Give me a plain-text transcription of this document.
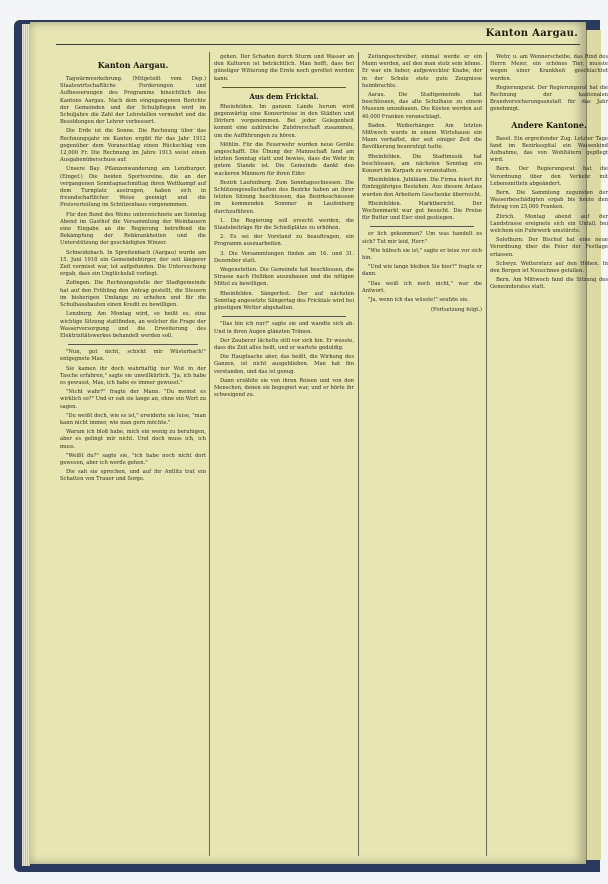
Kanton Aargau.
Kanton Aargau.

Tagwärmverkehrung. (Mitgeteilt vom Dep.) Staatswirtschaftliche Forderungen und Aufbesserungen des Programms hinsichtlich des Kantons Aargau. Nach dem eingegangenen Berichte der Gemeinden und der Schulpflegen wird im Schuljahre die Zahl der Lehrstellen vermehrt und die Besoldungen der Lehrer verbessert.

Die Erde ist die Sonne. Die Rechnung über das Rechnungsjahr im Kanton ergibt für das Jahr 1912 gegenüber dem Voranschlag einen Rückschlag von 12,000 Fr. Die Rechnung im Jahre 1913 weist einen Ausgabenüberschuss auf.

Unsere Bay. Pflanzenwanderung am Lenzburger. (Eingef.) Die beiden Sportvereine, die an der vergangenen Sonntagnachmittag ihren Wettkampf auf dem Turnplatz austrugen, haben sich in freundschaftlicher Weise geeinigt und die Preisverteilung im Schützenhaus vorgenommen.

Für den Bund des Weins unterzeichnete am Sonntag Abend im Gasthof die Versammlung der Weinbauern eine Eingabe an die Regierung betreffend die Bekämpfung der Rebkrankheiten und die Unterstützung der geschädigten Winzer.

Schneidebach. In Spreitenbach (Aargau) wurde am 15. Juni 1918 ein Gemeindebürger, der seit längerer Zeit vermisst war, tot aufgefunden. Die Untersuchung ergab, dass ein Unglücksfall vorliegt.

Zofingen. Die Rechnungsstelle der Stadtgemeinde hat auf den Frühling den Antrag gestellt, die Steuern im bisherigen Umfange zu erheben und für die Schulhausbauten einen Kredit zu bewilligen.

Lenzburg. Am Montag wird, so heißt es, eine wichtige Sitzung stattfinden, an welcher die Frage der Wasserversorgung und die Erweiterung des Elektrizitätswerkes behandelt werden soll.

"Nun, gut nicht, schickt mir Wüsterbach!" entgegnete Max.

Sie kamen ihr doch wahrhaftig nur Wut in der Tasche erfahren," sagte sie unwillkürlich. "Ja, ich habe es gewusst, Max, ich habe es immer gewusst."

"Nicht wahr?" fragte der Mann. "Du meinst es wirklich so?" Und er sah sie lange an, ohne ein Wort zu sagen.

"Du weißt doch, wie es ist," erwiderte sie leise, "man kann nicht immer, wie man gern möchte."

Warum ich bloß habe, mich ein wenig zu beruhigen, aber es gelingt mir nicht. Und doch muss ich, ich muss.

"Weißt du?" sagte sie, "ich habe noch nicht dort gewesen, aber ich werde gehen."

Die sah sie sprechen, und auf ihr Antlitz trat ein Schatten von Trauer und Sorge.

gehen. Der Schaden durch Sturm und Wasser an den Kulturen ist beträchtlich. Man hofft, dass bei günstiger Witterung die Ernte noch gerettet werden kann.

Aus dem Fricktal.

Rheinfelden. Im ganzen Lande herum wird gegenwärtig eine Konzertreise in den Städten und Dörfern vorgenommen. Bei jeder Gelegenheit kommt eine zahlreiche Zuhörerschaft zusammen, um die Aufführungen zu hören.

Möhlin. Für die Feuerwehr wurden neue Geräte angeschafft. Die Übung der Mannschaft fand am letzten Sonntag statt und bewies, dass die Wehr in gutem Stande ist. Die Gemeinde dankt den wackeren Männern für ihren Eifer.

Bezirk Laufenburg. Zum Sonntagsschiessen. Die Schützengesellschaften des Bezirks haben an ihrer letzten Sitzung beschlossen, das Bezirksschiessen im kommenden Sommer in Laufenburg durchzuführen.

1. Die Regierung soll ersucht werden, die Staatsbeiträge für die Schießplätze zu erhöhen.

2. Es sei der Vorstand zu beauftragen, ein Programm auszuarbeiten.

3. Die Versammlungen finden am 16. und 31. Dezember statt.

Wegenstetten. Die Gemeinde hat beschlossen, die Strasse nach Hellikon auszubauen und die nötigen Mittel zu bewilligen.

Rheinfelden. Sängerfest. Der auf nächsten Sonntag angesetzte Sängertag des Fricktals wird bei günstigem Wetter abgehalten.

"Das bin ich nur!" sagte sie und wandte sich ab. Und in ihren Augen glänzten Tränen.

Der Zauberer lächelte still vor sich hin. Er wusste, dass die Zeit alles heilt, und er wartete geduldig.

Die Hauptsache aber, das heißt, die Wirkung des Ganzen, ist nicht ausgeblieben. Man hat ihn verstanden, und das ist genug.

Dann erzählte sie von ihren Reisen und von den Menschen, denen sie begegnet war, und er hörte ihr schweigend zu.

Zeitungsschreiber, einmal werde er ein Mann werden, auf den man stolz sein könne. Er war ein lieber, aufgeweckter Knabe, der in der Schule stets gute Zeugnisse heimbrachte.

Aarau. Die Stadtgemeinde hat beschlossen, das alte Schulhaus zu einem Museum umzubauen. Die Kosten werden auf 40,000 Franken veranschlagt.

Baden. Weiberhänger. Am letzten Mittwoch wurde in einem Wirtshause ein Mann verhaftet, der seit einiger Zeit die Bevölkerung beunruhigt hatte.

Rheinfelden. Die Stadtmusik hat beschlossen, am nächsten Sonntag ein Konzert im Kurpark zu veranstalten.

Rheinfelden. Jubiläum. Die Firma feiert ihr fünfzigjähriges Bestehen. Aus diesem Anlass wurden den Arbeitern Geschenke überreicht.

Rheinfelden. Marktbericht. Der Wochenmarkt war gut besucht. Die Preise für Butter und Eier sind gestiegen.

er lich gekommen? Um was handelt es sich? Tut mir leid, Herr."

"Wie hübsch sie ist," sagte er leise vor sich hin.

"Und wie lange bleiben Sie hier?" fragte er dann.

"Das weiß ich noch nicht," war die Antwort.

"Ja, wenn ich das wüsste!" seufzte sie.

(Fortsetzung folgt.)

Wehr, u. am Wennerscheibe, das Rind des Herrn Meier, ein schönes Tier, musste wegen einer Krankheit geschlachtet werden.

Regierungsrat. Der Regierungsrat hat die Rechnung der kantonalen Brandversicherungsanstalt für das Jahr genehmigt.

Andere Kantone.

Basel. Ein ergreifender Zug. Letzter Tage fand im Bezirksspital ein Waisenkind Aufnahme, das von Wohltätern gepflegt wird.

Bern. Der Regierungsrat hat die Verordnung über den Verkehr mit Lebensmitteln abgeändert.

Bern. Die Sammlung zugunsten der Wasserbeschädigten ergab bis heute den Betrag von 25,000 Franken.

Zürich. Montag abend auf der Landstrasse ereignete sich ein Unfall, bei welchem ein Fuhrwerk umstürzte.

Solothurn. Der Bischof hat eine neue Verordnung über die Feier der Festtage erlassen.

Schwyz. Wettersturz auf den Höhen. In den Bergen ist Neuschnee gefallen.

Bern. Am Mittwoch fand die Sitzung des Gemeinderates statt.
